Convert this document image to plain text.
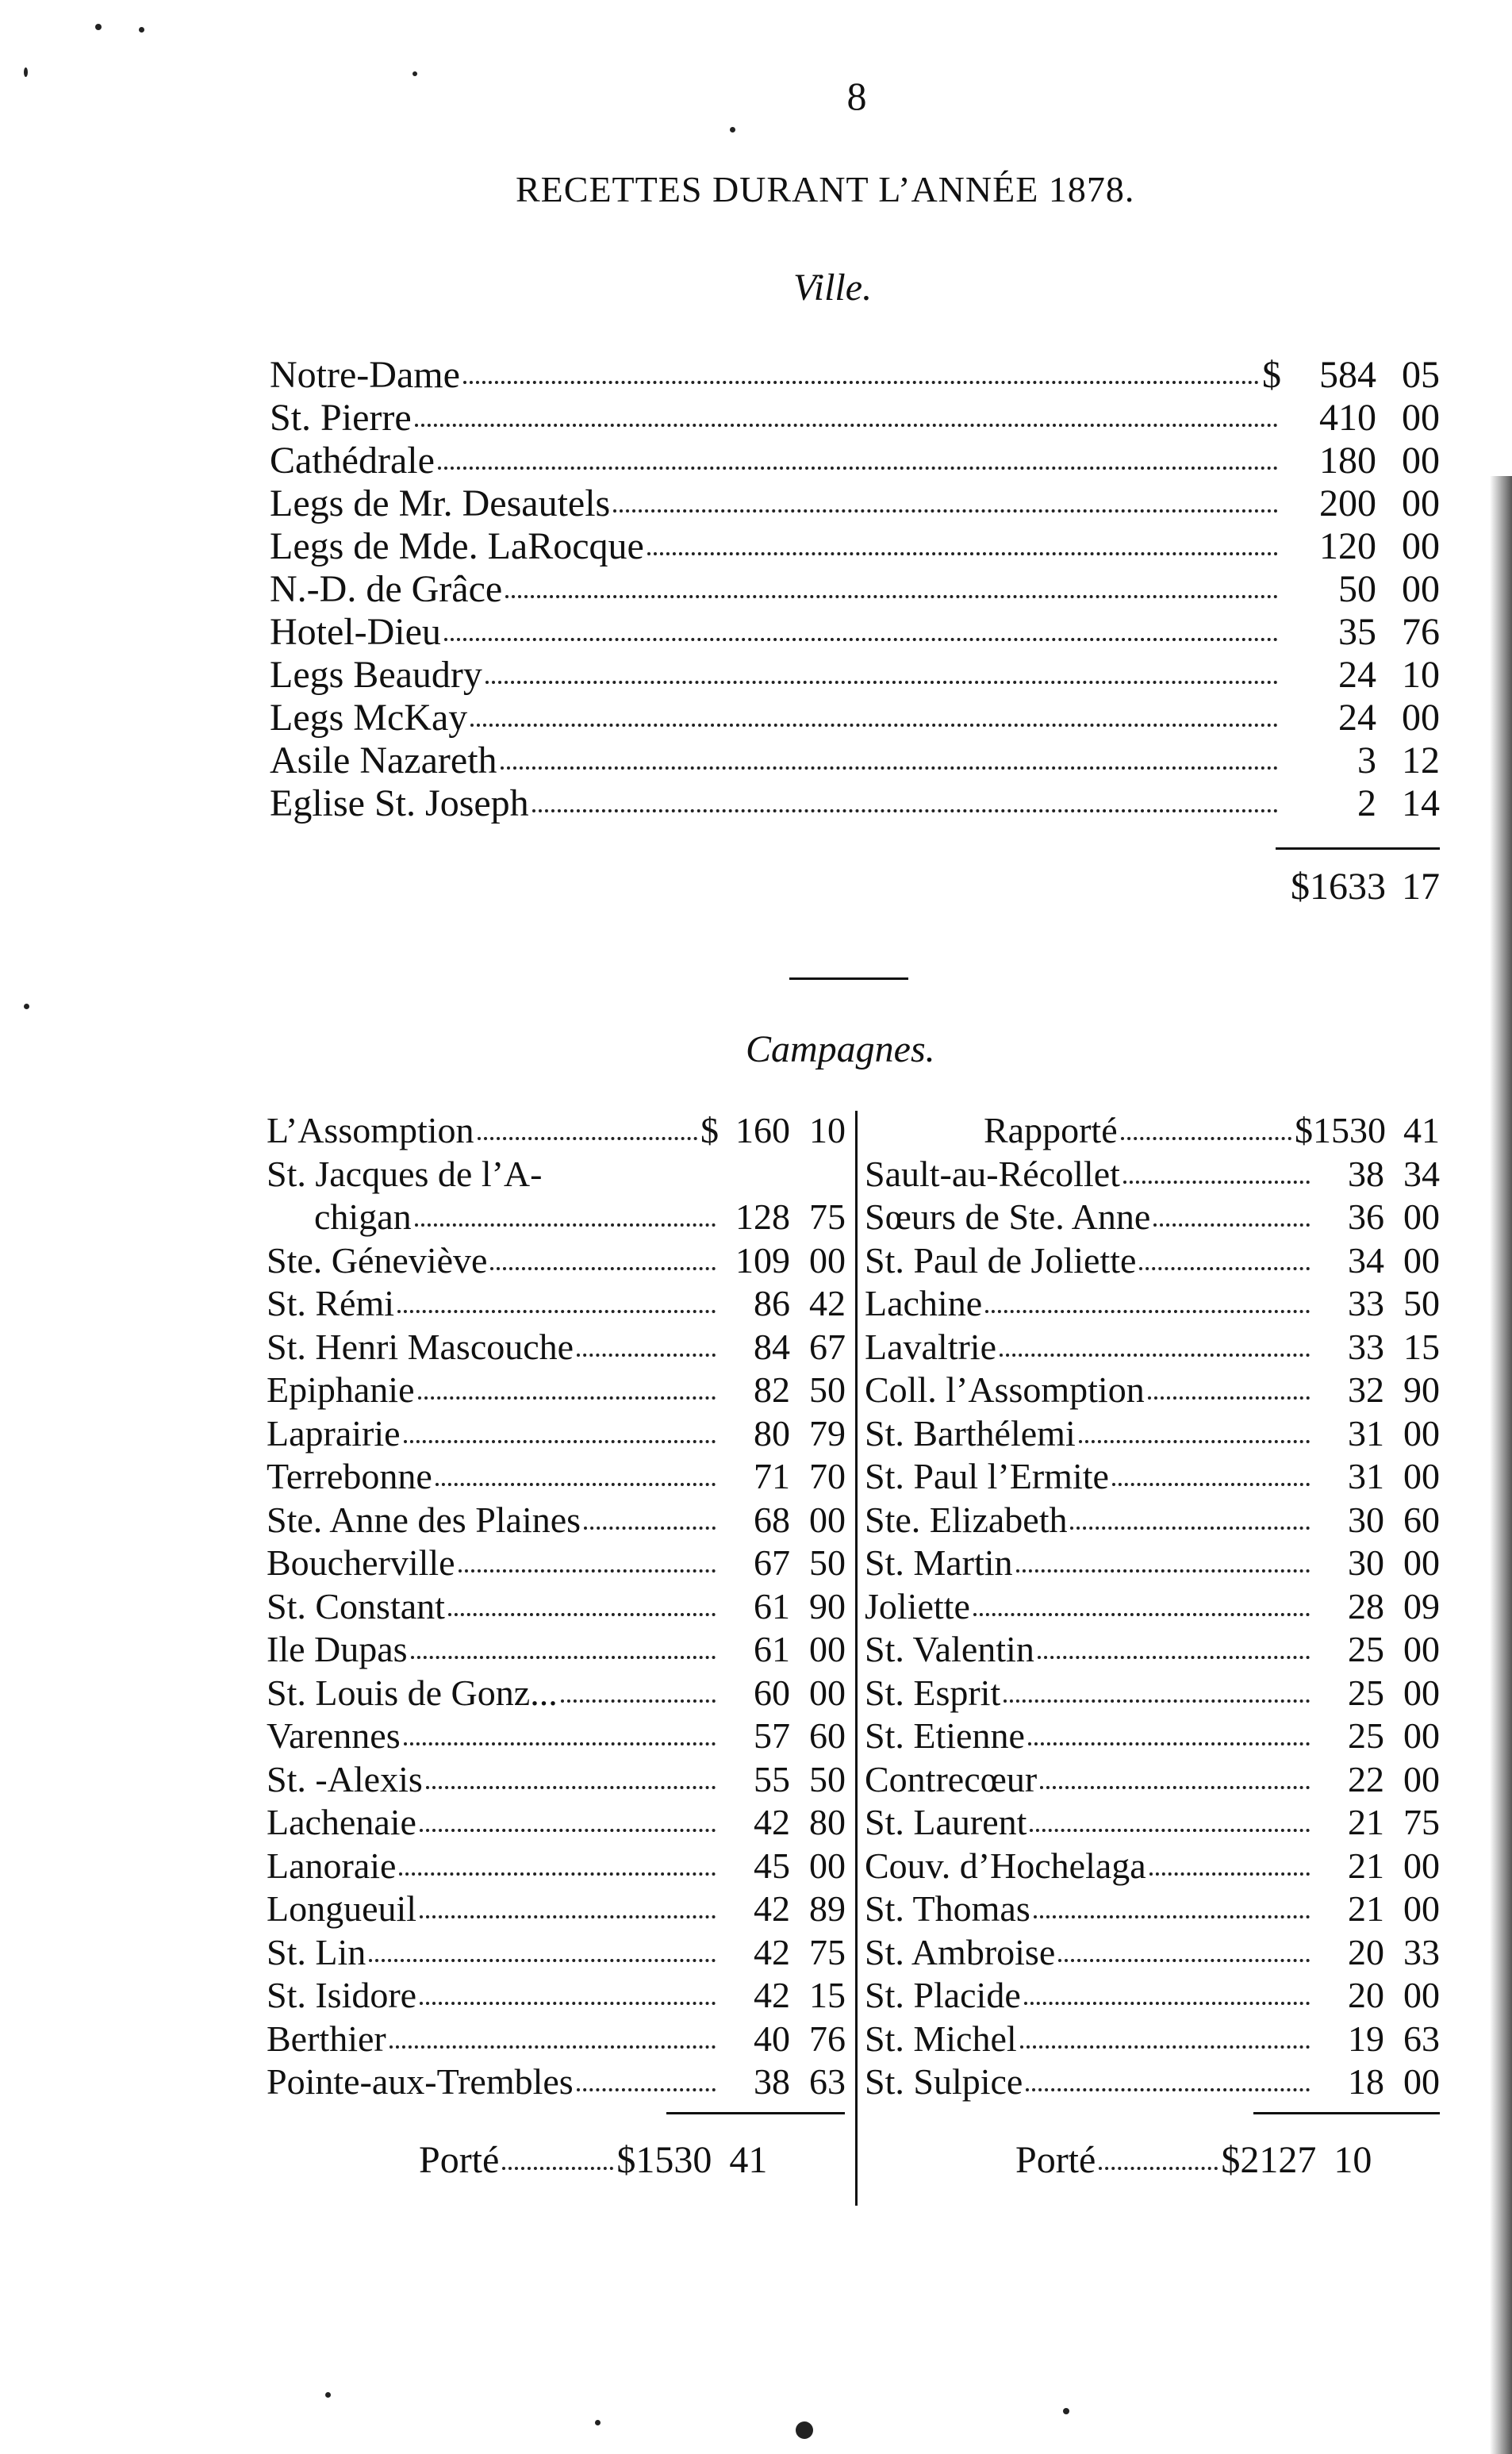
8
RECETTES DURANT L’ANNÉE 1878.
Ville.
Notre-Dame	$	584 05
St. Pierre	410 00
Cathédrale	180 00
Legs de Mr. Desautels	200 00
Legs de Mde. LaRocque	120 00
N.-D. de Grâce	50 00
Hotel-Dieu	35 76
Legs Beaudry	24 10
Legs McKay	24 00
Asile Nazareth	3 12
Eglise St. Joseph	2 14
$1633 17
Campagnes.
L’Assomption	$ 160 10
St. Jacques de l’A-
chigan	128 75
Ste. Géneviève	109 00
St. Rémi	86 42
St. Henri Mascouche	84 67
Epiphanie	82 50
Laprairie	80 79
Terrebonne	71 70
Ste. Anne des Plaines	68 00
Boucherville	67 50
St. Constant	61 90
Ile Dupas	61 00
St. Louis de Gonz...	60 00
Varennes	57 60
St. -Alexis	55 50
Lachenaie	42 80
Lanoraie	45 00
Longueuil	42 89
St. Lin	42 75
St. Isidore	42 15
Berthier	40 76
Pointe-aux-Trembles	38 63
Rapporté	$ 1530 41
Sault-au-Récollet	38 34
Sœurs de Ste. Anne	36 00
St. Paul de Joliette	34 00
Lachine	33 50
Lavaltrie	33 15
Coll. l’Assomption	32 90
St. Barthélemi	31 00
St. Paul l’Ermite	31 00
Ste. Elizabeth	30 60
St. Martin	30 00
Joliette	28 09
St. Valentin	25 00
St. Esprit	25 00
St. Etienne	25 00
Contrecœur	22 00
St. Laurent	21 75
Couv. d’Hochelaga	21 00
St. Thomas	21 00
St. Ambroise	20 33
St. Placide	20 00
St. Michel	19 63
St. Sulpice	18 00
Porté	$1530 41	Porté	$2127 10
